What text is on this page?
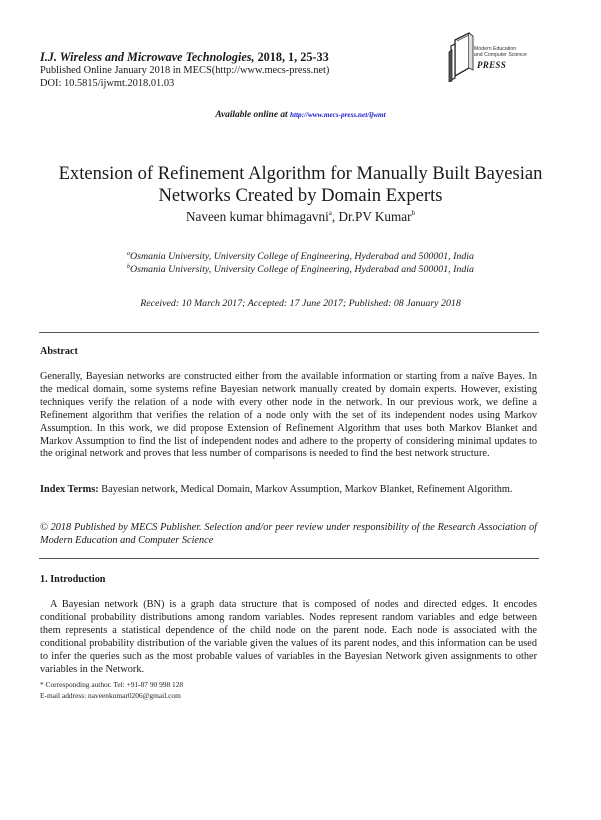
I.J. Wireless and Microwave Technologies, 2018, 1, 25-33
Published Online January 2018 in MECS(http://www.mecs-press.net)
DOI: 10.5815/ijwmt.2018.01.03
Modern Education
and Computer Science
PRESS
Available online at http://www.mecs-press.net/ijwmt
Extension of Refinement Algorithm for Manually Built Bayesian
Networks Created by Domain Experts
Naveen kumar bhimagavni$^a$, Dr.PV Kumar$^b$
$^a$Osmania University, University College of Engineering, Hyderabad and 500001, India
$^b$Osmania University, University College of Engineering, Hyderabad and 500001, India
Received: 10 March 2017; Accepted: 17 June 2017; Published: 08 January 2018
Abstract
Generally, Bayesian networks are constructed either from the available information or starting from a naïve Bayes. In the medical domain, some systems refine Bayesian network manually created by domain experts. However, existing techniques verify the relation of a node with every other node in the network. In our previous work, we define a Refinement algorithm that verifies the relation of a node only with the set of its independent nodes using Markov Assumption. In this work, we did propose Extension of Refinement Algorithm that uses both Markov Blanket and Markov Assumption to find the list of independent nodes and adhere to the property of considering minimal updates to the original network and proves that less number of comparisons is needed to find the best network structure.
Index Terms: Bayesian network, Medical Domain, Markov Assumption, Markov Blanket, Refinement Algorithm.
© 2018 Published by MECS Publisher. Selection and/or peer review under responsibility of the Research Association of Modern Education and Computer Science
1. Introduction
A Bayesian network (BN) is a graph data structure that is composed of nodes and directed edges. It encodes conditional probability distributions among random variables. Nodes represent random variables and edge between them represents a statistical dependence of the child node on the parent node. Each node is associated with the conditional probability distribution of the variable given the values of its parent nodes, and this information can be used to infer the queries such as the most probable values of variables in the Bayesian Network given assignments to other variables in the Network.
* Corresponding author. Tel: +91-87 90 998 128
E-mail address: naveenkumar0206@gmail.com
